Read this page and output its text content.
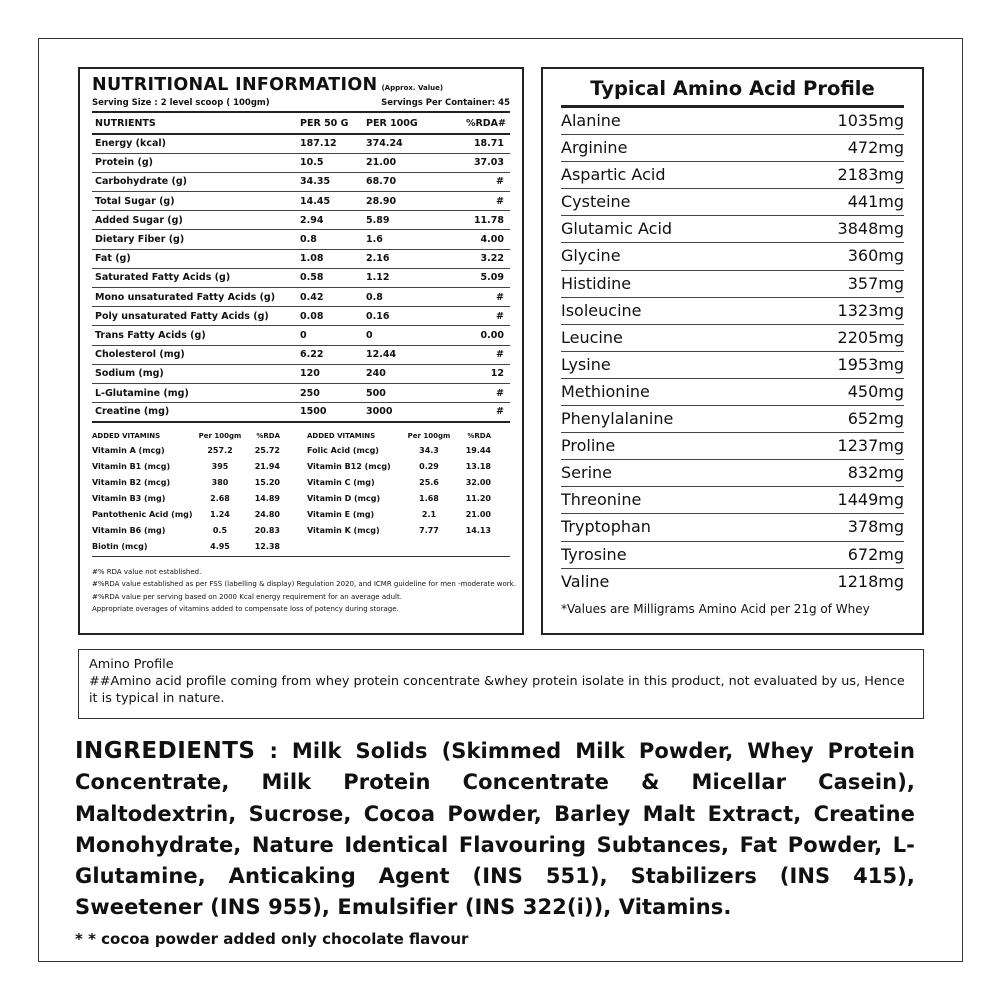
NUTRITIONAL INFORMATION (Approx. Value)
Serving Size : 2 level scoop ( 100gm)	Servings Per Container: 45
NUTRIENTS	PER 50 G	PER 100G	%RDA#
Energy (kcal)	187.12	374.24	18.71
Protein (g)	10.5	21.00	37.03
Carbohydrate (g)	34.35	68.70	#
Total Sugar (g)	14.45	28.90	#
Added Sugar (g)	2.94	5.89	11.78
Dietary Fiber (g)	0.8	1.6	4.00
Fat (g)	1.08	2.16	3.22
Saturated Fatty Acids (g)	0.58	1.12	5.09
Mono unsaturated Fatty Acids (g)	0.42	0.8	#
Poly unsaturated Fatty Acids (g)	0.08	0.16	#
Trans Fatty Acids (g)	0	0	0.00
Cholesterol (mg)	6.22	12.44	#
Sodium (mg)	120	240	12
L-Glutamine (mg)	250	500	#
Creatine (mg)	1500	3000	#
ADDED VITAMINS	Per 100gm	%RDA
Vitamin A (mcg)	257.2	25.72
Vitamin B1 (mcg)	395	21.94
Vitamin B2 (mcg)	380	15.20
Vitamin B3 (mg)	2.68	14.89
Pantothenic Acid (mg)	1.24	24.80
Vitamin B6 (mg)	0.5	20.83
Biotin (mcg)	4.95	12.38
ADDED VITAMINS	Per 100gm	%RDA
Folic Acid (mcg)	34.3	19.44
Vitamin B12 (mcg)	0.29	13.18
Vitamin C (mg)	25.6	32.00
Vitamin D (mcg)	1.68	11.20
Vitamin E (mg)	2.1	21.00
Vitamin K (mcg)	7.77	14.13
#% RDA value not established.
#%RDA value established as per FSS (labelling & display) Regulation 2020, and ICMR guideline for men -moderate work.
#%RDA value per serving based on 2000 Kcal energy requirement for an average adult.
Appropriate overages of vitamins added to compensate loss of potency during storage.
Typical Amino Acid Profile
Alanine	1035mg
Arginine	472mg
Aspartic Acid	2183mg
Cysteine	441mg
Glutamic Acid	3848mg
Glycine	360mg
Histidine	357mg
Isoleucine	1323mg
Leucine	2205mg
Lysine	1953mg
Methionine	450mg
Phenylalanine	652mg
Proline	1237mg
Serine	832mg
Threonine	1449mg
Tryptophan	378mg
Tyrosine	672mg
Valine	1218mg
*Values are Milligrams Amino Acid per 21g of Whey
Amino Profile
##Amino acid profile coming from whey protein concentrate &whey protein isolate in this product, not evaluated by us, Hence it is typical in nature.
INGREDIENTS : Milk Solids (Skimmed Milk Powder, Whey Protein Concentrate, Milk Protein Concentrate & Micellar Casein), Maltodextrin, Sucrose, Cocoa Powder, Barley Malt Extract, Creatine Monohydrate, Nature Identical Flavouring Subtances, Fat Powder, L-Glutamine, Anticaking Agent (INS 551), Stabilizers (INS 415), Sweetener (INS 955), Emulsifier (INS 322(i)), Vitamins.
* * cocoa powder added only chocolate flavour
